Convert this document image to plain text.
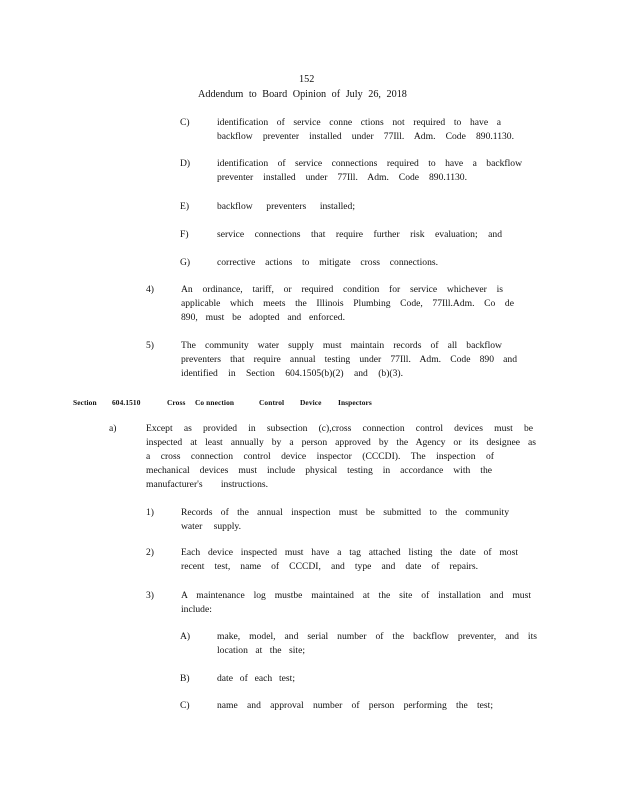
152
Addendum to Board Opinion of July 26, 2018
C)	identification of service conne ctions not required to have a
backflow preventer installed under 77Ill. Adm. Code 890.1130.
D)	identification of service connections required to have a backflow
preventer installed under 77Ill. Adm. Code 890.1130.
E)	backflow preventers installed;
F)	service connections that require further risk evaluation; and
G)	corrective actions to mitigate cross connections.
4)	An ordinance, tariff, or required condition for service whichever is
applicable which meets the Illinois Plumbing Code, 77Ill.Adm. Co de
890, must be adopted and enforced.
5)	The community water supply must maintain records of all backflow
preventers that require annual testing under 77Ill. Adm. Code 890 and
identified in Section 604.1505(b)(2) and (b)(3).
Section 604.1510	Cross Co nnection	Control Device Inspectors
a)	Except as provided in subsection (c),cross connection control devices must be
inspected at least annually by a person approved by the Agency or its designee as
a cross connection control device inspector (CCCDI). The inspection of
mechanical devices must include physical testing in accordance with the
manufacturer's instructions.
1)	Records of the annual inspection must be submitted to the community
water supply.
2)	Each device inspected must have a tag attached listing the date of most
recent test, name of CCCDI, and type and date of repairs.
3)	A maintenance log mustbe maintained at the site of installation and must
include:
A)	make, model, and serial number of the backflow preventer, and its
location at the site;
B)	date of each test;
C)	name and approval number of person performing the test;
